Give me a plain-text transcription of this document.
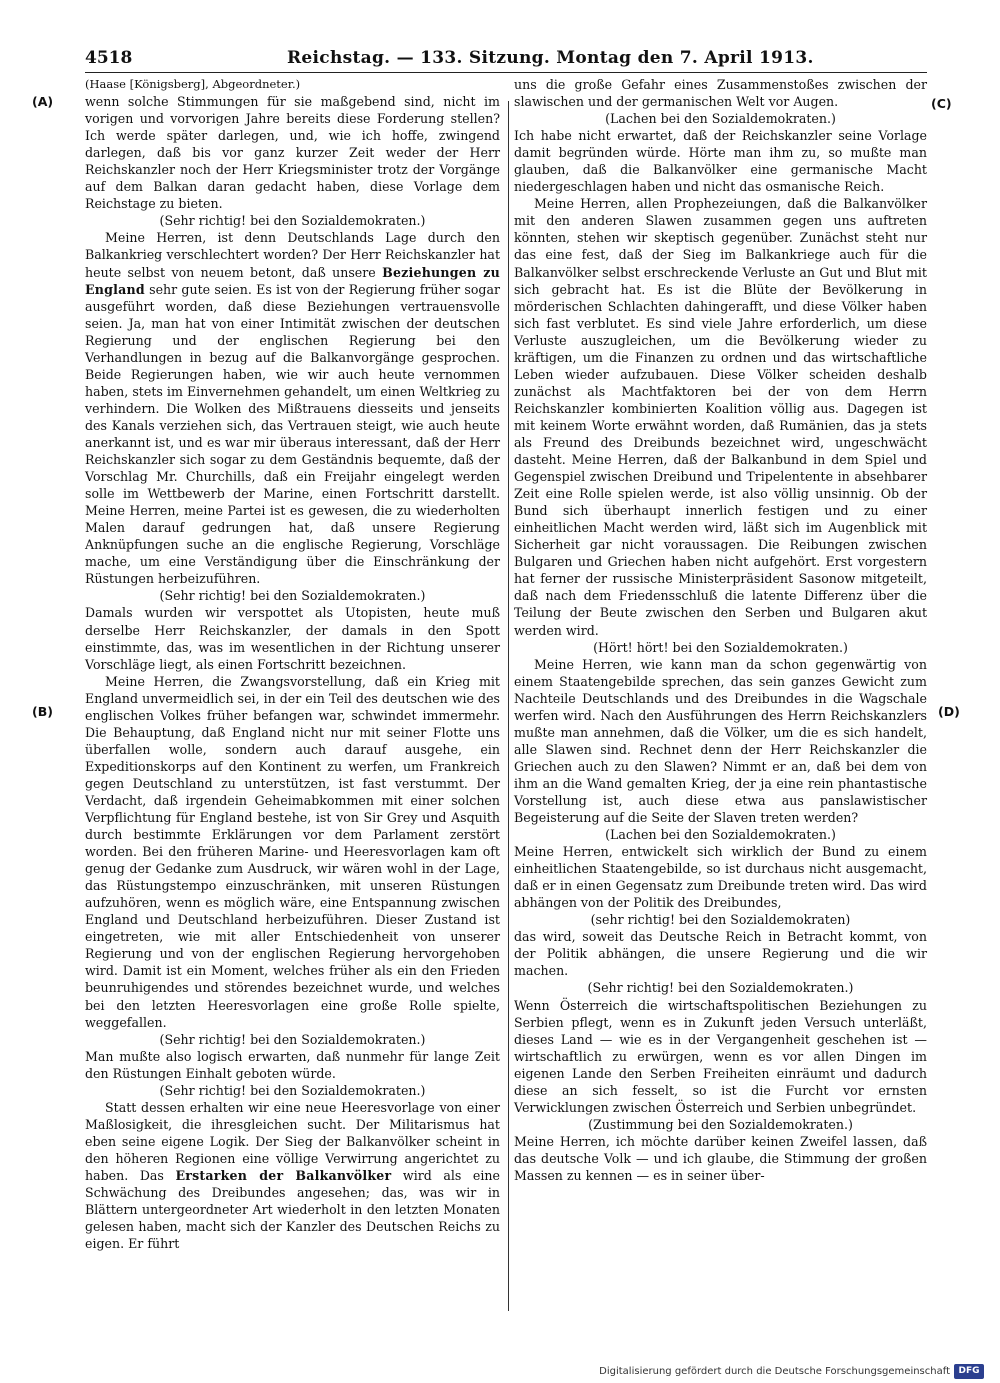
4518	Reichstag. — 133. Sitzung. Montag den 7. April 1913.
(A)
(B)
(C)
(D)

(Haase [Königsberg], Abgeordneter.)

wenn solche Stimmungen für sie maßgebend sind, nicht im vorigen und vorvorigen Jahre bereits diese Forderung stellen? Ich werde später darlegen, und, wie ich hoffe, zwingend darlegen, daß bis vor ganz kurzer Zeit weder der Herr Reichskanzler noch der Herr Kriegsminister trotz der Vorgänge auf dem Balkan daran gedacht haben, diese Vorlage dem Reichstage zu bieten.

(Sehr richtig! bei den Sozialdemokraten.)

Meine Herren, ist denn Deutschlands Lage durch den Balkankrieg verschlechtert worden? Der Herr Reichskanzler hat heute selbst von neuem betont, daß unsere Beziehungen zu England sehr gute seien. Es ist von der Regierung früher sogar ausgeführt worden, daß diese Beziehungen vertrauensvolle seien. Ja, man hat von einer Intimität zwischen der deutschen Regierung und der englischen Regierung bei den Verhandlungen in bezug auf die Balkanvorgänge gesprochen. Beide Regierungen haben, wie wir auch heute vernommen haben, stets im Einvernehmen gehandelt, um einen Weltkrieg zu verhindern. Die Wolken des Mißtrauens diesseits und jenseits des Kanals verziehen sich, das Vertrauen steigt, wie auch heute anerkannt ist, und es war mir überaus interessant, daß der Herr Reichskanzler sich sogar zu dem Geständnis bequemte, daß der Vorschlag Mr. Churchills, daß ein Freijahr eingelegt werden solle im Wettbewerb der Marine, einen Fortschritt darstellt. Meine Herren, meine Partei ist es gewesen, die zu wiederholten Malen darauf gedrungen hat, daß unsere Regierung Anknüpfungen suche an die englische Regierung, Vorschläge mache, um eine Verständigung über die Einschränkung der Rüstungen herbeizuführen.

(Sehr richtig! bei den Sozialdemokraten.)

Damals wurden wir verspottet als Utopisten, heute muß derselbe Herr Reichskanzler, der damals in den Spott einstimmte, das, was im wesentlichen in der Richtung unserer Vorschläge liegt, als einen Fortschritt bezeichnen.

Meine Herren, die Zwangsvorstellung, daß ein Krieg mit England unvermeidlich sei, in der ein Teil des deutschen wie des englischen Volkes früher befangen war, schwindet immermehr. Die Behauptung, daß England nicht nur mit seiner Flotte uns überfallen wolle, sondern auch darauf ausgehe, ein Expeditionskorps auf den Kontinent zu werfen, um Frankreich gegen Deutschland zu unterstützen, ist fast verstummt. Der Verdacht, daß irgendein Geheimabkommen mit einer solchen Verpflichtung für England bestehe, ist von Sir Grey und Asquith durch bestimmte Erklärungen vor dem Parlament zerstört worden. Bei den früheren Marine- und Heeresvorlagen kam oft genug der Gedanke zum Ausdruck, wir wären wohl in der Lage, das Rüstungstempo einzuschränken, mit unseren Rüstungen aufzuhören, wenn es möglich wäre, eine Entspannung zwischen England und Deutschland herbeizuführen. Dieser Zustand ist eingetreten, wie mit aller Entschiedenheit von unserer Regierung und von der englischen Regierung hervorgehoben wird. Damit ist ein Moment, welches früher als ein den Frieden beunruhigendes und störendes bezeichnet wurde, und welches bei den letzten Heeresvorlagen eine große Rolle spielte, weggefallen.

(Sehr richtig! bei den Sozialdemokraten.)

Man mußte also logisch erwarten, daß nunmehr für lange Zeit den Rüstungen Einhalt geboten würde.

(Sehr richtig! bei den Sozialdemokraten.)

Statt dessen erhalten wir eine neue Heeresvorlage von einer Maßlosigkeit, die ihresgleichen sucht. Der Militarismus hat eben seine eigene Logik. Der Sieg der Balkanvölker scheint in den höheren Regionen eine völlige Verwirrung angerichtet zu haben. Das Erstarken der Balkanvölker wird als eine Schwächung des Dreibundes angesehen; das, was wir in Blättern untergeordneter Art wiederholt in den letzten Monaten gelesen haben, macht sich der Kanzler des Deutschen Reichs zu eigen. Er führt

uns die große Gefahr eines Zusammenstoßes zwischen der slawischen und der germanischen Welt vor Augen.

(Lachen bei den Sozialdemokraten.)

Ich habe nicht erwartet, daß der Reichskanzler seine Vorlage damit begründen würde. Hörte man ihm zu, so mußte man glauben, daß die Balkanvölker eine germanische Macht niedergeschlagen haben und nicht das osmanische Reich.

Meine Herren, allen Prophezeiungen, daß die Balkanvölker mit den anderen Slawen zusammen gegen uns auftreten könnten, stehen wir skeptisch gegenüber. Zunächst steht nur das eine fest, daß der Sieg im Balkankriege auch für die Balkanvölker selbst erschreckende Verluste an Gut und Blut mit sich gebracht hat. Es ist die Blüte der Bevölkerung in mörderischen Schlachten dahingerafft, und diese Völker haben sich fast verblutet. Es sind viele Jahre erforderlich, um diese Verluste auszugleichen, um die Bevölkerung wieder zu kräftigen, um die Finanzen zu ordnen und das wirtschaftliche Leben wieder aufzubauen. Diese Völker scheiden deshalb zunächst als Machtfaktoren bei der von dem Herrn Reichskanzler kombinierten Koalition völlig aus. Dagegen ist mit keinem Worte erwähnt worden, daß Rumänien, das ja stets als Freund des Dreibunds bezeichnet wird, ungeschwächt dasteht. Meine Herren, daß der Balkanbund in dem Spiel und Gegenspiel zwischen Dreibund und Tripelentente in absehbarer Zeit eine Rolle spielen werde, ist also völlig unsinnig. Ob der Bund sich überhaupt innerlich festigen und zu einer einheitlichen Macht werden wird, läßt sich im Augenblick mit Sicherheit gar nicht voraussagen. Die Reibungen zwischen Bulgaren und Griechen haben nicht aufgehört. Erst vorgestern hat ferner der russische Ministerpräsident Sasonow mitgeteilt, daß nach dem Friedensschluß die latente Differenz über die Teilung der Beute zwischen den Serben und Bulgaren akut werden wird.

(Hört! hört! bei den Sozialdemokraten.)

Meine Herren, wie kann man da schon gegenwärtig von einem Staatengebilde sprechen, das sein ganzes Gewicht zum Nachteile Deutschlands und des Dreibundes in die Wagschale werfen wird. Nach den Ausführungen des Herrn Reichskanzlers mußte man annehmen, daß die Völker, um die es sich handelt, alle Slawen sind. Rechnet denn der Herr Reichskanzler die Griechen auch zu den Slawen? Nimmt er an, daß bei dem von ihm an die Wand gemalten Krieg, der ja eine rein phantastische Vorstellung ist, auch diese etwa aus panslawistischer Begeisterung auf die Seite der Slaven treten werden?

(Lachen bei den Sozialdemokraten.)

Meine Herren, entwickelt sich wirklich der Bund zu einem einheitlichen Staatengebilde, so ist durchaus nicht ausgemacht, daß er in einen Gegensatz zum Dreibunde treten wird. Das wird abhängen von der Politik des Dreibundes,

(sehr richtig! bei den Sozialdemokraten)

das wird, soweit das Deutsche Reich in Betracht kommt, von der Politik abhängen, die unsere Regierung und die wir machen.

(Sehr richtig! bei den Sozialdemokraten.)

Wenn Österreich die wirtschaftspolitischen Beziehungen zu Serbien pflegt, wenn es in Zukunft jeden Versuch unterläßt, dieses Land — wie es in der Vergangenheit geschehen ist — wirtschaftlich zu erwürgen, wenn es vor allen Dingen im eigenen Lande den Serben Freiheiten einräumt und dadurch diese an sich fesselt, so ist die Furcht vor ernsten Verwicklungen zwischen Österreich und Serbien unbegründet.

(Zustimmung bei den Sozialdemokraten.)

Meine Herren, ich möchte darüber keinen Zweifel lassen, daß das deutsche Volk — und ich glaube, die Stimmung der großen Massen zu kennen — es in seiner über-

Digitalisierung gefördert durch die Deutsche Forschungsgemeinschaft DFG
